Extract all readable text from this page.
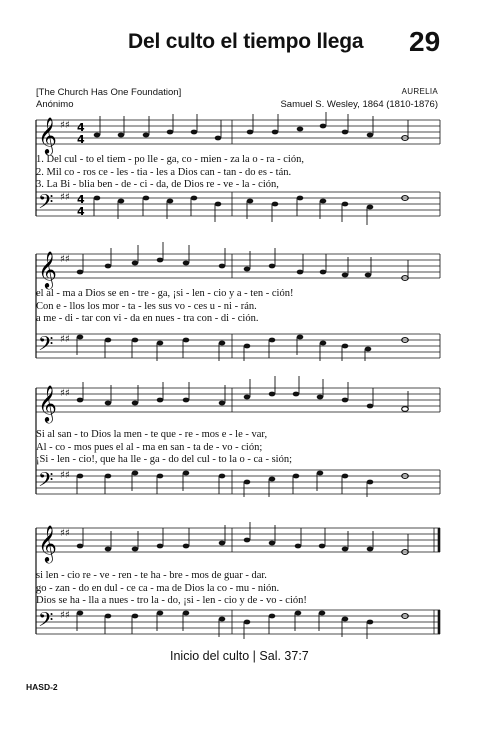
Del culto el tiempo llega 29
[The Church Has One Foundation]
Anónimo
AURELIA
Samuel S. Wesley, 1864 (1810-1876)
𝄞
𝄢
♯♯
♯♯
4
4
4
4
1. Del cul - to el tiem - po lle - ga, co - mien - za la o - ra - ción,
2. Mil co - ros ce - les - tia - les a Dios can - tan - do es - tán.
3. La Bi - blia ben - de - ci - da, de Dios re - ve - la - ción,
𝄞
𝄢
♯♯
♯♯
el al - ma a Dios se en - tre - ga, ¡si - len - cio y a - ten - ción!
Con e - llos los mor - ta - les sus vo - ces u - ni - rán.
a me - di - tar con vi - da en nues - tra con - di - ción.
𝄞
𝄢
♯♯
♯♯
Si al san - to Dios la men - te que - re - mos e - le - var,
Al - co - mos pues el al - ma en san - ta de - vo - ción;
¡Si - len - cio!, que ha lle - ga - do del cul - to la o - ca - sión;
𝄞
𝄢
♯♯
♯♯
si len - cio re - ve - ren - te ha - bre - mos de guar - dar.
go - zan - do en dul - ce ca - ma de Dios la co - mu - nión.
Dios se ha - lla a nues - tro la - do, ¡si - len - cio y de - vo - ción!
Inicio del culto | Sal. 37:7
HASD-2
